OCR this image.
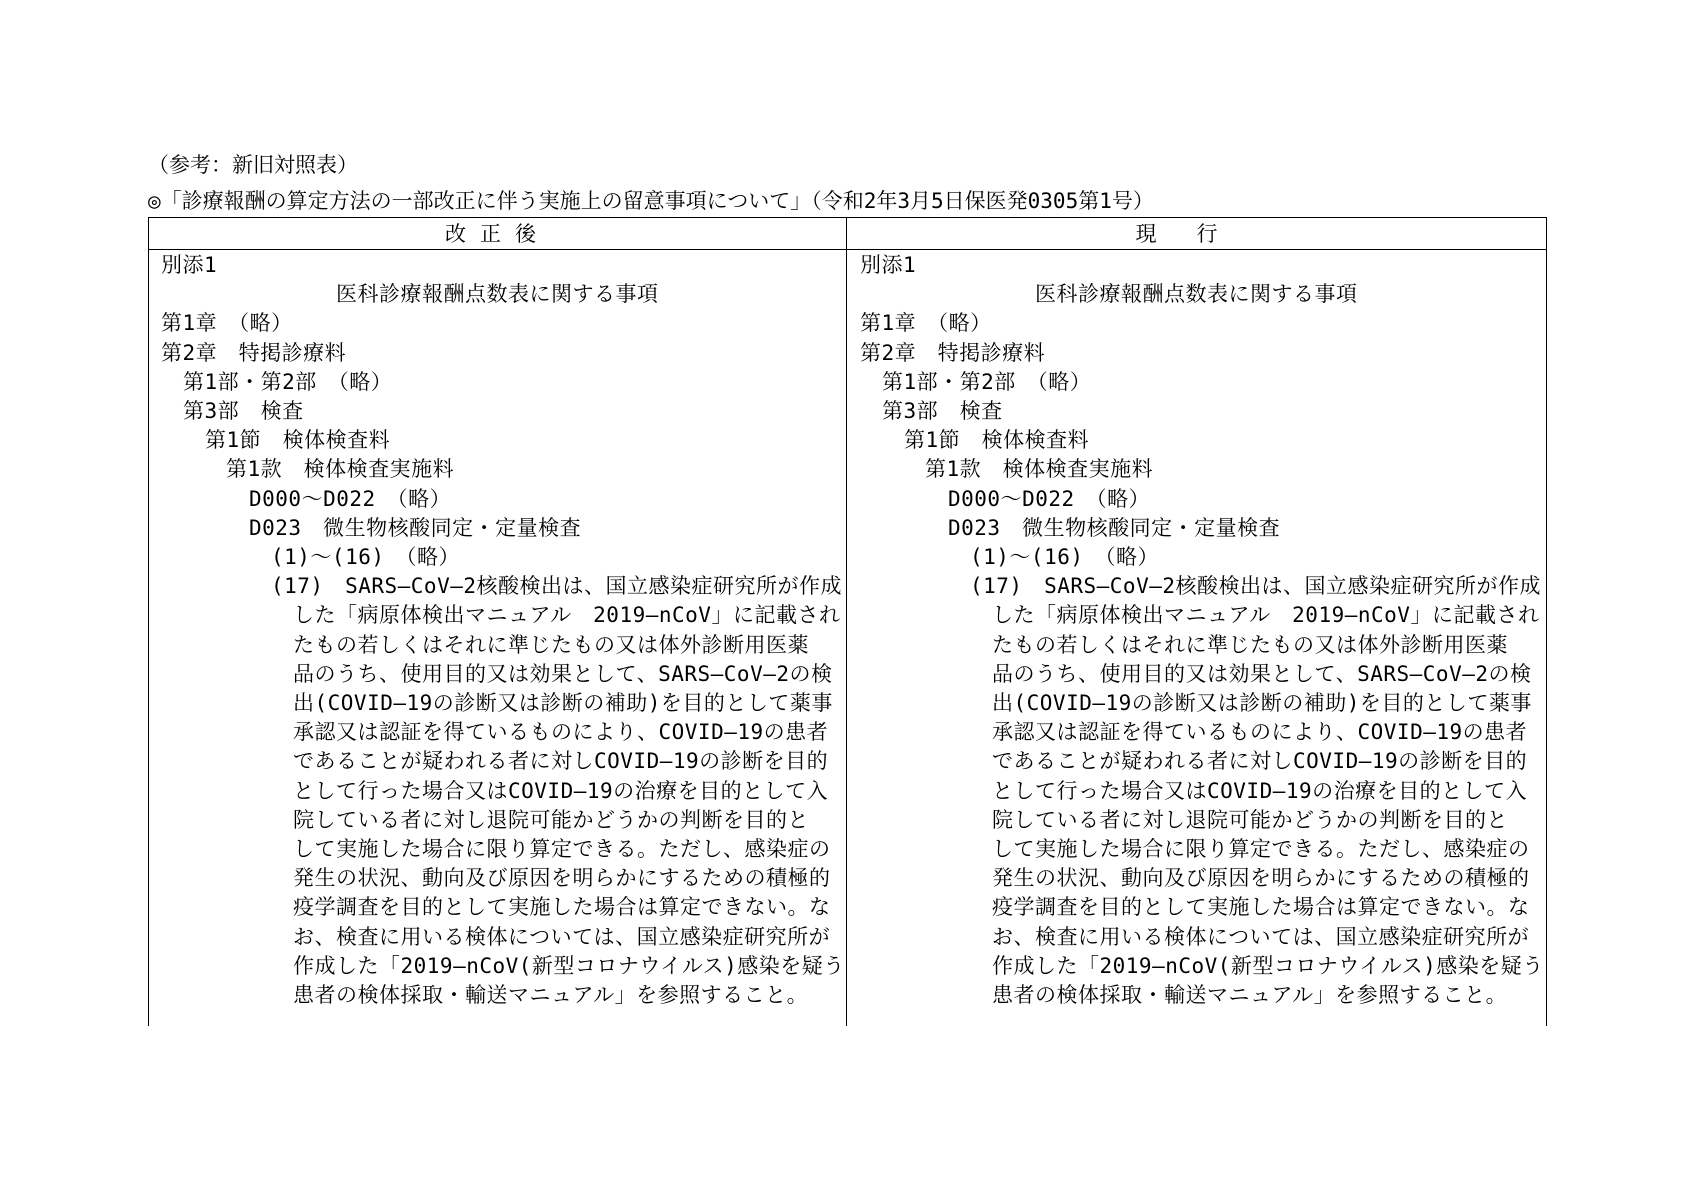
（参考：新旧対照表）
◎「診療報酬の算定方法の一部改正に伴う実施上の留意事項について」（令和2年3月5日保医発0305第1号）
改正後	現行
別添1
医科診療報酬点数表に関する事項
第1章　（略）
第2章　特掲診療料
第1部・第2部　（略）
第3部　検査
第1節　検体検査料
第1款　検体検査実施料
D000～D022　（略）
D023　微生物核酸同定・定量検査
(1)～(16)　（略）
(17)　SARS―CoV―2核酸検出は、国立感染症研究所が作成
した「病原体検出マニュアル　2019―nCoV」に記載され
たもの若しくはそれに準じたもの又は体外診断用医薬
品のうち、使用目的又は効果として、SARS―CoV―2の検
出(COVID―19の診断又は診断の補助)を目的として薬事
承認又は認証を得ているものにより、COVID―19の患者
であることが疑われる者に対しCOVID―19の診断を目的
として行った場合又はCOVID―19の治療を目的として入
院している者に対し退院可能かどうかの判断を目的と
して実施した場合に限り算定できる。ただし、感染症の
発生の状況、動向及び原因を明らかにするための積極的
疫学調査を目的として実施した場合は算定できない。な
お、検査に用いる検体については、国立感染症研究所が
作成した「2019―nCoV(新型コロナウイルス)感染を疑う
患者の検体採取・輸送マニュアル」を参照すること。
別添1
医科診療報酬点数表に関する事項
第1章　（略）
第2章　特掲診療料
第1部・第2部　（略）
第3部　検査
第1節　検体検査料
第1款　検体検査実施料
D000～D022　（略）
D023　微生物核酸同定・定量検査
(1)～(16)　（略）
(17)　SARS―CoV―2核酸検出は、国立感染症研究所が作成
した「病原体検出マニュアル　2019―nCoV」に記載され
たもの若しくはそれに準じたもの又は体外診断用医薬
品のうち、使用目的又は効果として、SARS―CoV―2の検
出(COVID―19の診断又は診断の補助)を目的として薬事
承認又は認証を得ているものにより、COVID―19の患者
であることが疑われる者に対しCOVID―19の診断を目的
として行った場合又はCOVID―19の治療を目的として入
院している者に対し退院可能かどうかの判断を目的と
して実施した場合に限り算定できる。ただし、感染症の
発生の状況、動向及び原因を明らかにするための積極的
疫学調査を目的として実施した場合は算定できない。な
お、検査に用いる検体については、国立感染症研究所が
作成した「2019―nCoV(新型コロナウイルス)感染を疑う
患者の検体採取・輸送マニュアル」を参照すること。
